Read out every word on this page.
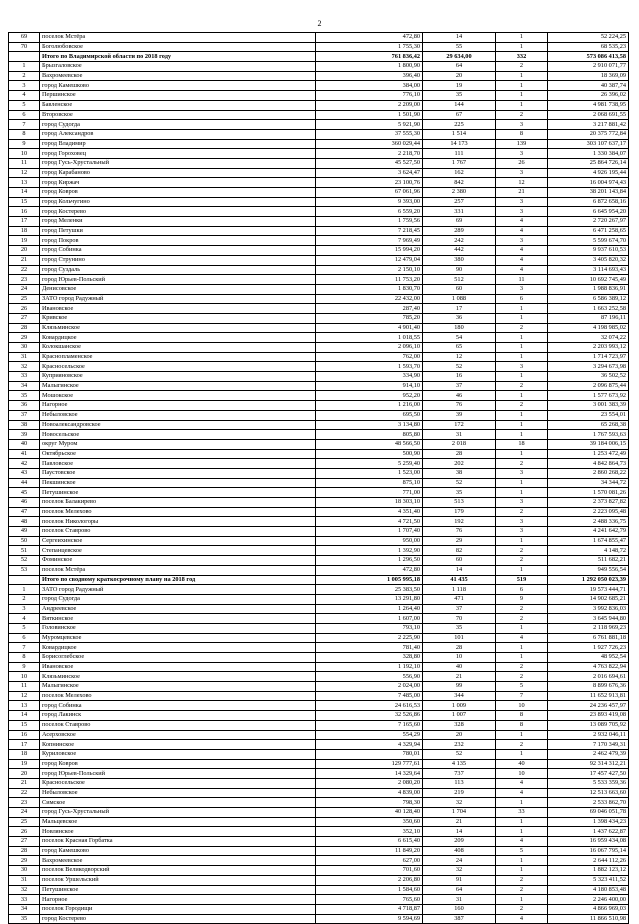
2
69	поселок Мстёра	472,80	14	1	52 224,25
70	Боголюбовское	1 755,30	55	1	68 535,23
	Итого по Владимирской области по 2018 году	761 836,42	29 634,00	332	573 086 413,58
1	Брызгаловское	1 800,90	64	2	2 910 071,77
2	Вахромеевское	396,40	20	1	18 369,09
3	город Камешково	384,00	19	1	40 387,74
4	Першинское	776,10	35	1	26 396,02
5	Бавленское	2 209,00	144	1	4 981 738,95
6	Второвское	1 501,90	67	2	2 068 691,55
7	город Судогда	5 921,90	225	3	3 217 881,42
8	город Александров	37 555,30	1 514	8	20 375 772,84
9	город Владимир	360 029,44	14 173	139	303 107 637,17
10	город Гороховец	2 218,70	111	3	1 330 384,07
11	город Гусь-Хрустальный	45 527,50	1 767	26	25 864 726,14
12	город Карабаново	3 624,47	162	3	4 926 195,44
13	город Киржач	23 100,76	842	12	16 004 974,43
14	город Ковров	67 061,96	2 380	21	38 201 143,84
15	город Кольчугино	9 393,00	257	3	6 872 658,16
16	город Костерево	6 559,20	331	3	6 645 954,20
17	город Меленки	1 759,56	69	4	2 720 267,97
18	город Петушки	7 218,45	289	4	6 471 258,65
19	город Покров	7 969,49	242	3	5 599 674,70
20	город Собинка	15 994,20	442	4	9 937 610,53
21	город Струнино	12 479,04	380	4	3 405 820,32
22	город Суздаль	2 150,10	90	4	3 114 693,43
23	город Юрьев-Польский	11 753,20	512	11	10 692 745,49
24	Денисовское	1 830,70	60	3	1 988 836,91
25	ЗАТО город Радужный	22 432,00	1 088	6	6 586 389,12
26	Ивановское	287,40	17	1	1 663 252,58
27	Кривское	785,20	36	1	87 196,11
28	Клязьминское	4 901,40	180	2	4 198 985,02
29	Ковардицкое	1 018,55	54	1	32 074,22
30	Колокшанское	2 096,10	65	1	2 203 993,12
31	Краснопламенское	762,00	12	1	1 714 723,97
32	Красносельское	1 593,70	52	3	3 294 673,98
33	Куприяновское	334,90	16	1	36 502,52
34	Малыгинское	914,10	37	2	2 096 875,44
35	Мошокское	952,20	46	1	1 577 673,92
36	Нагорное	1 216,00	76	2	3 001 383,39
37	Небыловское	695,50	39	1	23 554,01
38	Новоалександровское	3 134,80	172	1	65 268,38
39	Новосельское	805,80	31	1	1 767 593,63
40	округ Муром	48 566,50	2 018	18	39 184 006,15
41	Октябрьское	500,90	28	1	1 253 472,49
42	Павловское	5 259,40	202	2	4 842 864,73
43	Паустовское	1 523,00	38	3	2 860 268,22
44	Пекшинское	875,10	52	1	34 344,72
45	Петушинское	771,00	35	1	1 570 081,26
46	поселок Балакирево	18 303,10	513	3	2 373 827,82
47	поселок Мелехово	4 351,40	179	2	2 223 095,48
48	поселок Никологоры	4 721,50	192	3	2 488 336,75
49	поселок Ставрово	1 707,40	76	3	4 241 642,79
50	Сергеихинское	950,00	29	1	1 674 855,47
51	Степанцевское	1 392,90	82	2	4 148,72
52	Фоминское	1 296,50	60	2	511 682,21
53	поселок Мстёра	472,80	14	1	949 556,54
	Итого по сводному краткосрочному плану на 2018 год	1 005 995,18	41 435	519	1 292 050 023,39
1	ЗАТО город Радужный	25 383,50	1 118	6	19 573 444,71
2	город Судогда	13 291,80	471	9	14 902 685,21
3	Андреевское	1 264,40	37	2	3 992 836,03
4	Вяткинское	1 607,00	70	2	3 645 944,80
5	Головинское	793,10	35	1	2 118 969,23
6	Муромцевское	2 225,90	101	4	6 761 881,18
7	Ковардицкое	781,40	28	1	1 927 726,23
8	Борисоглебское	328,80	10	1	48 952,54
9	Ивановское	1 192,10	40	2	4 763 822,94
10	Клязьминское	556,90	21	2	2 016 694,61
11	Малыгинское	2 024,00	99	5	8 899 676,36
12	поселок Мелехово	7 485,00	344	7	11 652 913,81
13	город Собинка	24 616,53	1 009	10	24 236 457,97
14	город Лакинск	32 526,86	1 007	8	23 893 419,08
15	поселок Ставрово	7 165,60	328	8	13 089 705,92
16	Асерховское	554,29	20	1	2 932 046,11
17	Копнинское	4 329,94	232	2	7 170 349,31
18	Куриловское	780,01	52	1	2 462 479,39
19	город Ковров	129 777,61	4 135	40	92 314 312,21
20	город Юрьев-Польский	14 329,64	737	10	17 457 427,50
21	Красносельское	2 080,20	113	4	5 533 359,36
22	Небыловское	4 839,00	219	4	12 513 663,60
23	Симское	798,30	32	1	2 533 862,70
24	город Гусь-Хрустальный	40 128,40	1 704	33	69 046 051,78
25	Мальцевское	350,60	21	1	1 398 434,23
26	Новлянское	352,10	14	1	1 437 622,87
27	поселок Красная Горбатка	6 615,40	209	4	16 959 434,08
28	город Камешково	11 849,20	408	5	16 067 795,14
29	Вахромеевское	627,00	24	1	2 644 112,26
30	поселок Великодворский	701,60	32	1	1 882 123,12
31	поселок Уршельский	2 206,80	91	2	5 323 411,52
32	Петушинское	1 584,60	64	2	4 180 853,48
33	Нагорное	765,60	31	1	2 246 400,00
34	поселок Городищи	4 718,87	160	2	4 866 969,03
35	город Костерево	9 594,69	387	4	11 866 510,98
